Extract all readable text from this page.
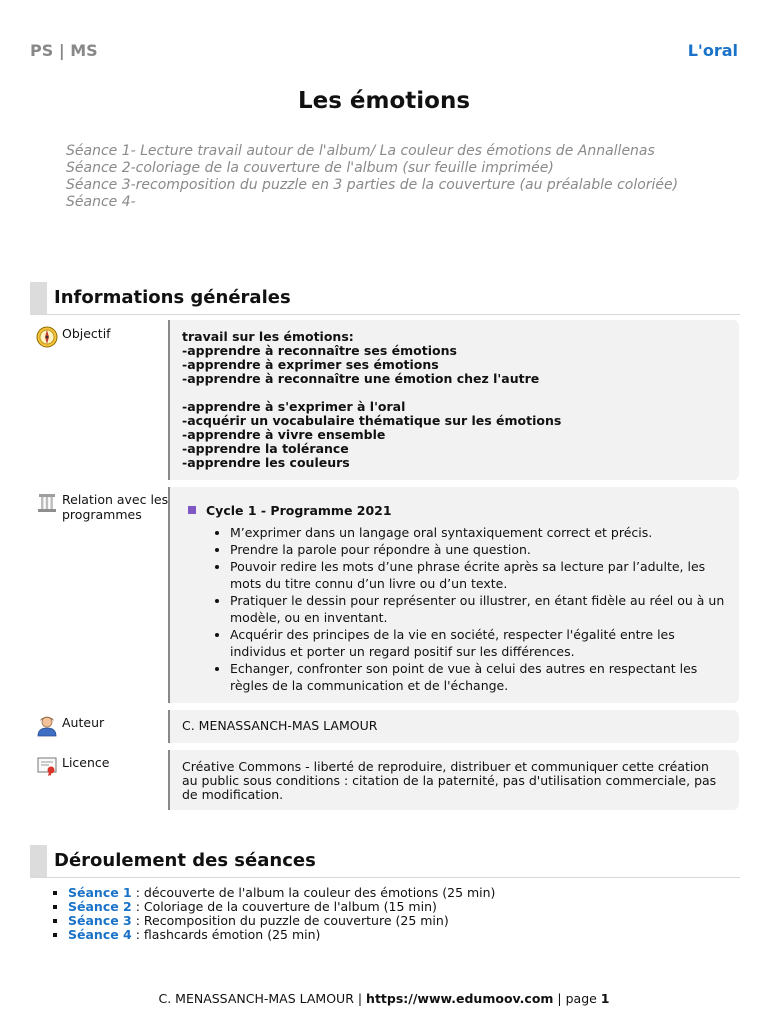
PS | MS	L'oral
Les émotions
Séance 1- Lecture travail autour de l'album/ La couleur des émotions de Annallenas
Séance 2-coloriage de la couverture de l'album (sur feuille imprimée)
Séance 3-recomposition du puzzle en 3 parties de la couverture (au préalable coloriée)
Séance 4-
Informations générales
Objectif	travail sur les émotions:
-apprendre à reconnaître ses émotions
-apprendre à exprimer ses émotions
-apprendre à reconnaître une émotion chez l'autre
-apprendre à s'exprimer à l'oral
-acquérir un vocabulaire thématique sur les émotions
-apprendre à vivre ensemble
-apprendre la tolérance
-apprendre les couleurs
Relation avec les programmes	Cycle 1 - Programme 2021
• M’exprimer dans un langage oral syntaxiquement correct et précis.
• Prendre la parole pour répondre à une question.
• Pouvoir redire les mots d’une phrase écrite après sa lecture par l’adulte, les mots du titre connu d’un livre ou d’un texte.
• Pratiquer le dessin pour représenter ou illustrer, en étant fidèle au réel ou à un modèle, ou en inventant.
• Acquérir des principes de la vie en société, respecter l'égalité entre les individus et porter un regard positif sur les différences.
• Echanger, confronter son point de vue à celui des autres en respectant les règles de la communication et de l'échange.
Auteur	C. MENASSANCH-MAS LAMOUR
Licence	Créative Commons - liberté de reproduire, distribuer et communiquer cette création au public sous conditions : citation de la paternité, pas d'utilisation commerciale, pas de modification.
Déroulement des séances
▪ Séance 1 : découverte de l'album la couleur des émotions (25 min)
▪ Séance 2 : Coloriage de la couverture de l'album (15 min)
▪ Séance 3 : Recomposition du puzzle de couverture (25 min)
▪ Séance 4 : flashcards émotion (25 min)
C. MENASSANCH-MAS LAMOUR | https://www.edumoov.com | page 1
